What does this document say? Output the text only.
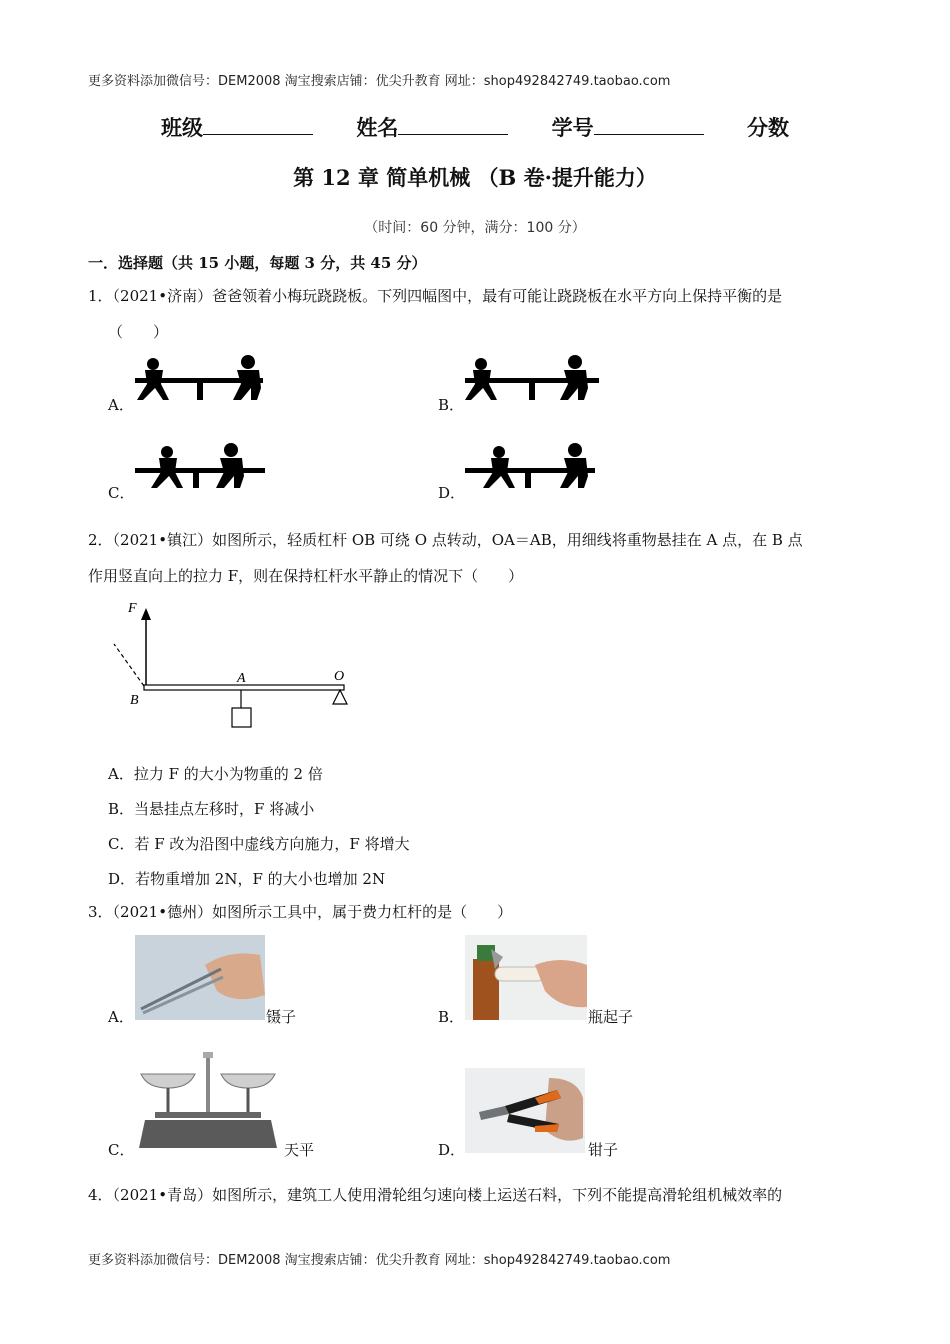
更多资料添加微信号：DEM2008 淘宝搜索店铺：优尖升教育 网址：shop492842749.taobao.com
班级	姓名	学号	分数
第 12 章 简单机械 （B 卷·提升能力）
（时间：60 分钟，满分：100 分）
一．选择题（共 15 小题，每题 3 分，共 45 分）
1．（2021•济南）爸爸领着小梅玩跷跷板。下列四幅图中，最有可能让跷跷板在水平方向上保持平衡的是
（　　）
A．	B．
C．	D．
2．（2021•镇江）如图所示，轻质杠杆 OB 可绕 O 点转动，OA＝AB，用细线将重物悬挂在 A 点，在 B 点
作用竖直向上的拉力 F，则在保持杠杆水平静止的情况下（　　）
F
B
A	O
A．拉力 F 的大小为物重的 2 倍
B．当悬挂点左移时，F 将减小
C．若 F 改为沿图中虚线方向施力，F 将增大
D．若物重增加 2N，F 的大小也增加 2N
3．（2021•德州）如图所示工具中，属于费力杠杆的是（　　）
A．	镊子	B．	瓶起子
C．	天平	D．	钳子
4．（2021•青岛）如图所示，建筑工人使用滑轮组匀速向楼上运送石料，下列不能提高滑轮组机械效率的
更多资料添加微信号：DEM2008 淘宝搜索店铺：优尖升教育 网址：shop492842749.taobao.com
